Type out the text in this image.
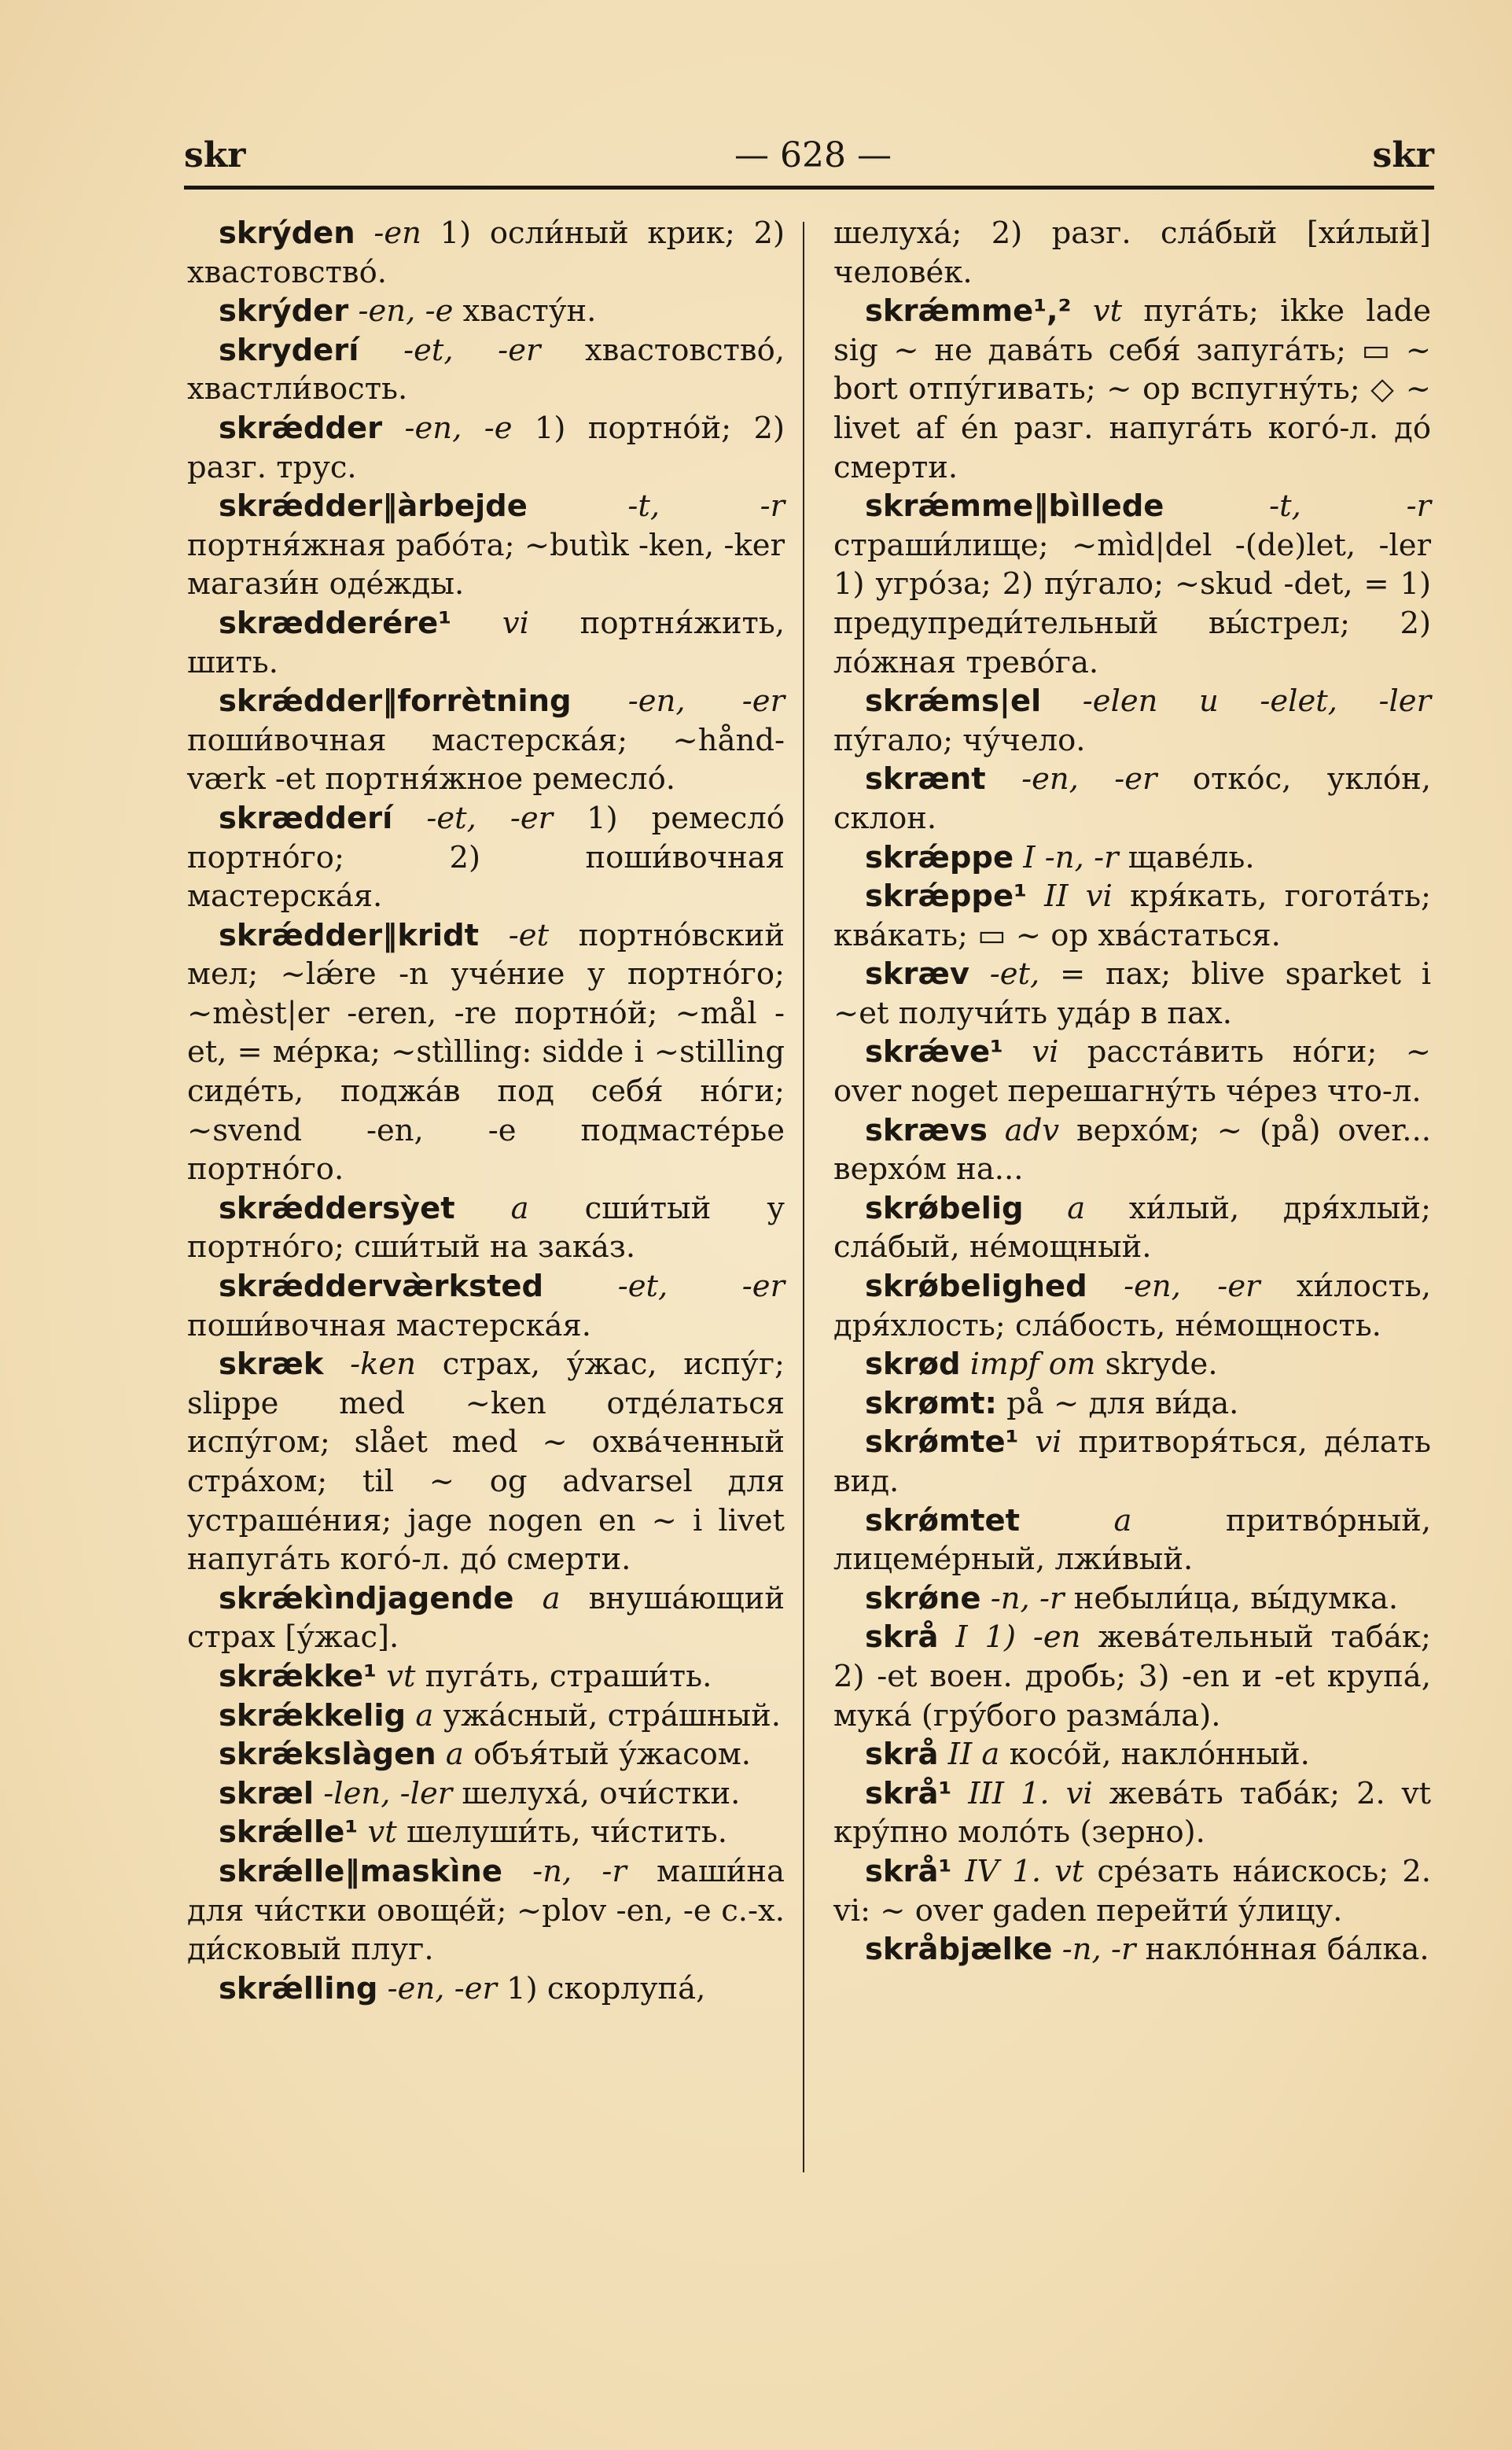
skr	— 628 —	skr

skrýden -en 1) осли́ный крик; 2) хвастовство́.

skrýder -en, -e хвасту́н.

skryderí -et, -er хвастовство́, хвастли́вость.

skrǽdder -en, -e 1) портно́й; 2) разг. трус.

skrǽdder‖àrbejde	-t, -r портня́жная рабо́та; ~butìk -ken, -ker магази́н оде́жды.

skrædderére¹ vi портня́жить, шить.

skrǽdder‖forrètning -en, -er поши́вочная мастерска́я; ~hånd-værk -et портня́жное ремесло́.

skrædderí -et, -er 1) ремесло́ портно́го; 2) поши́вочная мастерска́я.

skrǽdder‖kridt -et портно́вский мел; ~lǽre -n уче́ние у портно́го; ~mèst|er -eren, -re портно́й; ~mål -et, = ме́рка; ~stìlling: sidde i ~stilling сиде́ть, поджа́в под себя́ но́ги; ~svend -en, -e подмасте́рье портно́го.

skrǽddersỳet a сши́тый у портно́го; сши́тый на зака́з.

skrǽddervæ̀rksted -et, -er поши́вочная мастерска́я.

skræk -ken страх, у́жас, испу́г; slippe med ~ken отде́латься испу́гом; slået med ~ охва́ченный стра́хом; til ~ og advarsel для устраше́ния; jage nogen en ~ i livet напуга́ть кого́-л. до́ смерти.

skrǽkìndjagende a внуша́ющий страх [у́жас].

skrǽkke¹ vt пуга́ть, страши́ть.

skrǽkkelig a ужа́сный, стра́шный.

skrǽkslàgen a объя́тый у́жасом.

skræl -len, -ler шелуха́, очи́стки.

skrǽlle¹ vt шелуши́ть, чи́стить.

skrǽlle‖maskìne -n, -r маши́на для чи́стки овоще́й; ~plov -en, -e с.-х. ди́сковый плуг.

skrǽlling -en, -er 1) скорлупа́,

шелуха́; 2) разг. сла́бый [хи́лый] челове́к.

skrǽmme¹,² vt пуга́ть; ikke lade sig ~ не дава́ть себя́ запуга́ть; ▭ ~ bort отпу́гивать; ~ op вспугну́ть; ◇ ~ livet af én разг. напуга́ть кого́-л. до́ смерти.

skrǽmme‖bìllede	-t, -r страши́лище; ~mìd|del -(de)let, -ler 1) угро́за; 2) пу́гало; ~skud -det, = 1) предупреди́тельный вы́стрел; 2) ло́жная трево́га.

skrǽms|el -elen и -elet, -ler пу́гало; чу́чело.

skrænt -en, -er отко́с, укло́н, склон.

skrǽppe I -n, -r щаве́ль.

skrǽppe¹ II vi кря́кать, гогота́ть; ква́кать; ▭ ~ op хва́статься.

skræv -et, = пах; blive sparket i ~et получи́ть уда́р в пах.

skrǽve¹ vi расста́вить но́ги; ~ over noget перешагну́ть че́рез что-л.

skrævs adv верхо́м; ~ (på) over... верхо́м на...

skrǿbelig a хи́лый, дря́хлый; сла́бый, не́мощный.

skrǿbelighed -en, -er хи́лость, дря́хлость; сла́бость, не́мощность.

skrød impf om skryde.

skrømt: på ~ для ви́да.

skrǿmte¹ vi притворя́ться, де́лать вид.

skrǿmtet	a притво́рный, лицеме́рный, лжи́вый.

skrǿne -n, -r небыли́ца, вы́думка.

skrå I 1) -en жева́тельный таба́к; 2) -et воен. дробь; 3) -en и -et крупа́, мука́ (гру́бого разма́ла).

skrå II a косо́й, накло́нный.

skrå¹ III 1. vi жева́ть таба́к; 2. vt кру́пно моло́ть (зерно).

skrå¹ IV 1. vt сре́зать на́искось; 2. vi: ~ over gaden перейти́ у́лицу.

skråbjælke -n, -r накло́нная ба́лка.
